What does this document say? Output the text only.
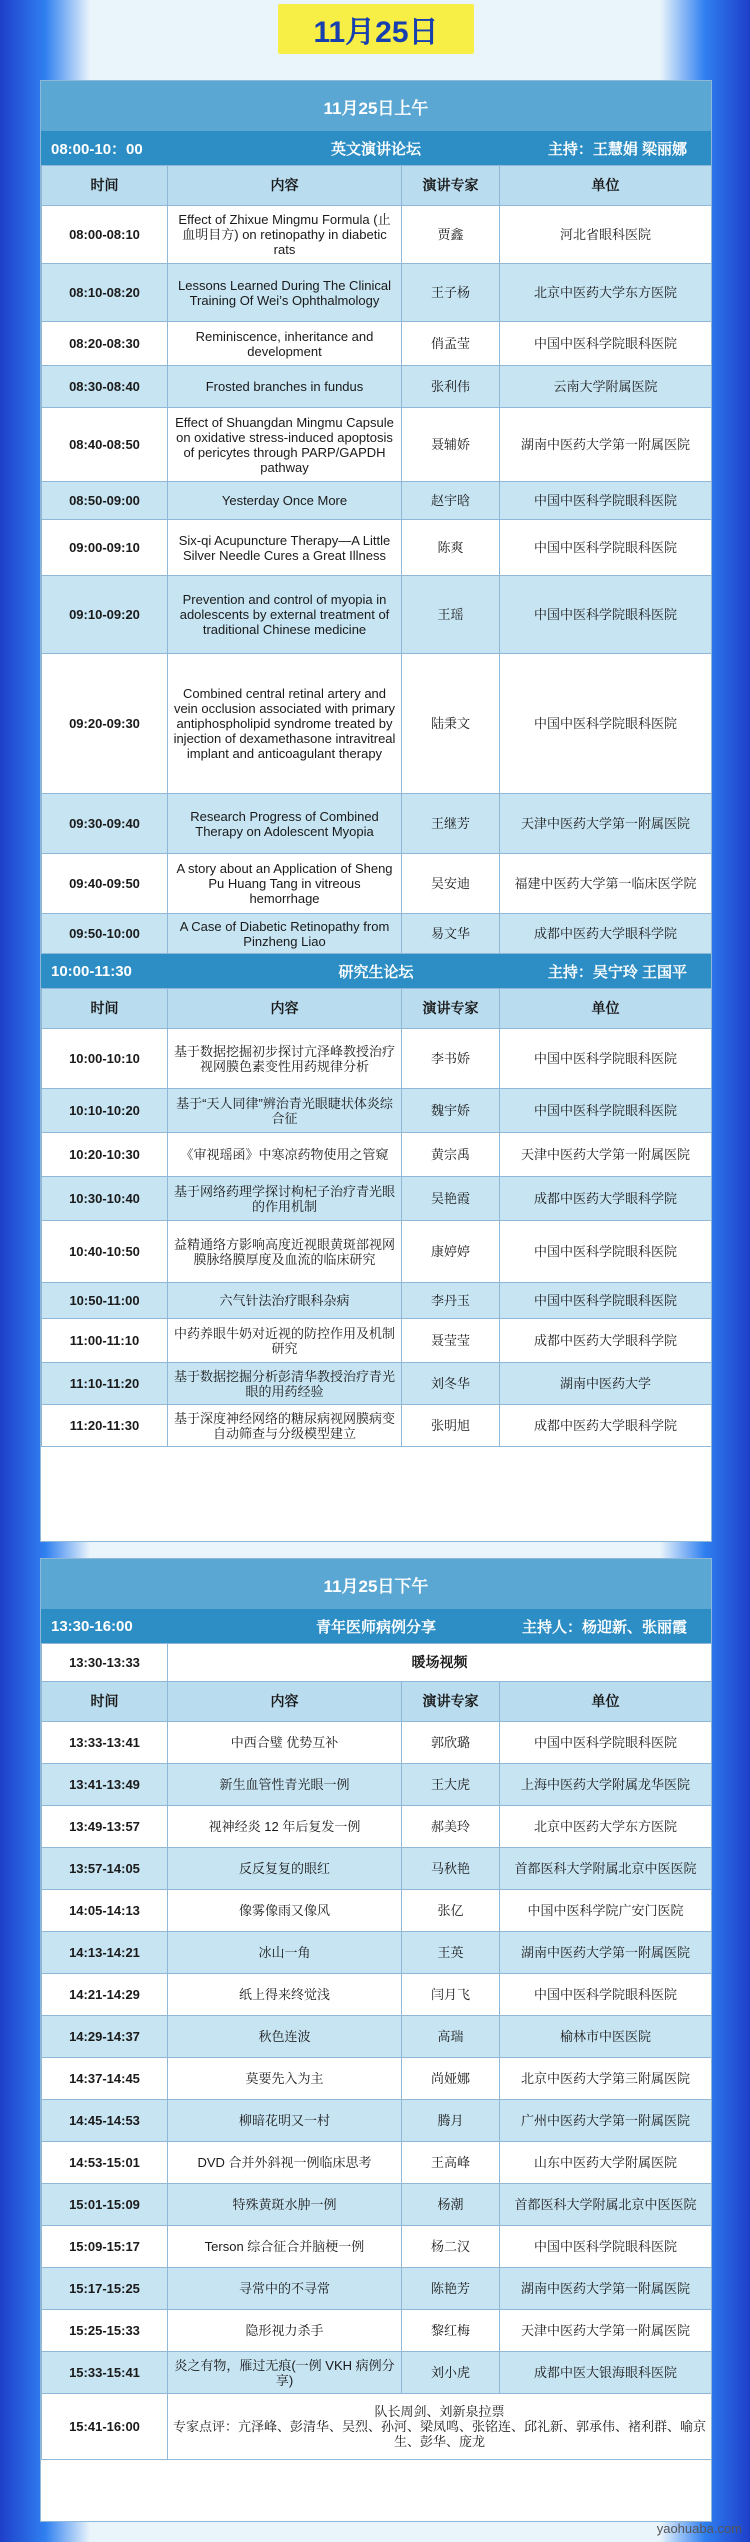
11月25日
11月25日上午
08:00-10：00	英文演讲论坛	主持：王慧娟 梁丽娜
时间	内容	演讲专家	单位
08:00-08:10	Effect of Zhixue Mingmu Formula (止血明目方) on retinopathy in diabetic rats	贾鑫	河北省眼科医院
08:10-08:20	Lessons Learned During The Clinical Training Of Wei’s Ophthalmology	王子杨	北京中医药大学东方医院
08:20-08:30	Reminiscence, inheritance and development	俏孟莹	中国中医科学院眼科医院
08:30-08:40	Frosted branches in fundus	张利伟	云南大学附属医院
08:40-08:50	Effect of Shuangdan Mingmu Capsule on oxidative stress-induced apoptosis of pericytes through PARP/GAPDH pathway	聂辅娇	湖南中医药大学第一附属医院
08:50-09:00	Yesterday Once More	赵宇晗	中国中医科学院眼科医院
09:00-09:10	Six-qi Acupuncture Therapy—A Little Silver Needle Cures a Great Illness	陈爽	中国中医科学院眼科医院
09:10-09:20	Prevention and control of myopia in adolescents by external treatment of traditional Chinese medicine	王瑶	中国中医科学院眼科医院
09:20-09:30	Combined central retinal artery and vein occlusion associated with primary antiphospholipid syndrome treated by injection of dexamethasone intravitreal implant and anticoagulant therapy	陆秉文	中国中医科学院眼科医院
09:30-09:40	Research Progress of Combined Therapy on Adolescent Myopia	王继芳	天津中医药大学第一附属医院
09:40-09:50	A story about an Application of Sheng Pu Huang Tang in vitreous hemorrhage	吴安迪	福建中医药大学第一临床医学院
09:50-10:00	A Case of Diabetic Retinopathy from Pinzheng Liao	易文华	成都中医药大学眼科学院
10:00-11:30	研究生论坛	主持：吴宁玲 王国平
时间	内容	演讲专家	单位
10:00-10:10	基于数据挖掘初步探讨亢泽峰教授治疗视网膜色素变性用药规律分析	李书娇	中国中医科学院眼科医院
10:10-10:20	基于“天人同律”辨治青光眼睫状体炎综合征	魏宇娇	中国中医科学院眼科医院
10:20-10:30	《审视瑶函》中寒凉药物使用之管窥	黄宗禹	天津中医药大学第一附属医院
10:30-10:40	基于网络药理学探讨枸杞子治疗青光眼的作用机制	吴艳霞	成都中医药大学眼科学院
10:40-10:50	益精通络方影响高度近视眼黄斑部视网膜脉络膜厚度及血流的临床研究	康婷婷	中国中医科学院眼科医院
10:50-11:00	六气针法治疗眼科杂病	李丹玉	中国中医科学院眼科医院
11:00-11:10	中药养眼牛奶对近视的防控作用及机制研究	聂莹莹	成都中医药大学眼科学院
11:10-11:20	基于数据挖掘分析彭清华教授治疗青光眼的用药经验	刘冬华	湖南中医药大学
11:20-11:30	基于深度神经网络的糖尿病视网膜病变自动筛查与分级模型建立	张明旭	成都中医药大学眼科学院
11月25日下午
13:30-16:00	青年医师病例分享	主持人：杨迎新、张丽霞
13:30-13:33	暖场视频		
时间	内容	演讲专家	单位
13:33-13:41	中西合璧 优势互补	郭欣璐	中国中医科学院眼科医院
13:41-13:49	新生血管性青光眼一例	王大虎	上海中医药大学附属龙华医院
13:49-13:57	视神经炎 12 年后复发一例	郝美玲	北京中医药大学东方医院
13:57-14:05	反反复复的眼红	马秋艳	首都医科大学附属北京中医医院
14:05-14:13	像雾像雨又像风	张亿	中国中医科学院广安门医院
14:13-14:21	冰山一角	王英	湖南中医药大学第一附属医院
14:21-14:29	纸上得来终觉浅	闫月飞	中国中医科学院眼科医院
14:29-14:37	秋色连波	高瑞	榆林市中医医院
14:37-14:45	莫要先入为主	尚娅娜	北京中医药大学第三附属医院
14:45-14:53	柳暗花明又一村	腾月	广州中医药大学第一附属医院
14:53-15:01	DVD 合并外斜视一例临床思考	王高峰	山东中医药大学附属医院
15:01-15:09	特殊黄斑水肿一例	杨潮	首都医科大学附属北京中医医院
15:09-15:17	Terson 综合征合并脑梗一例	杨二汉	中国中医科学院眼科医院
15:17-15:25	寻常中的不寻常	陈艳芳	湖南中医药大学第一附属医院
15:25-15:33	隐形视力杀手	黎红梅	天津中医药大学第一附属医院
15:33-15:41	炎之有物，雁过无痕(一例 VKH 病例分享)	刘小虎	成都中医大银海眼科医院
15:41-16:00	队长周剑、刘新泉拉票
专家点评：亢泽峰、彭清华、吴烈、孙河、梁凤鸣、张铭连、邱礼新、郭承伟、褚利群、喻京生、彭华、庞龙		
yaohuaba.com
